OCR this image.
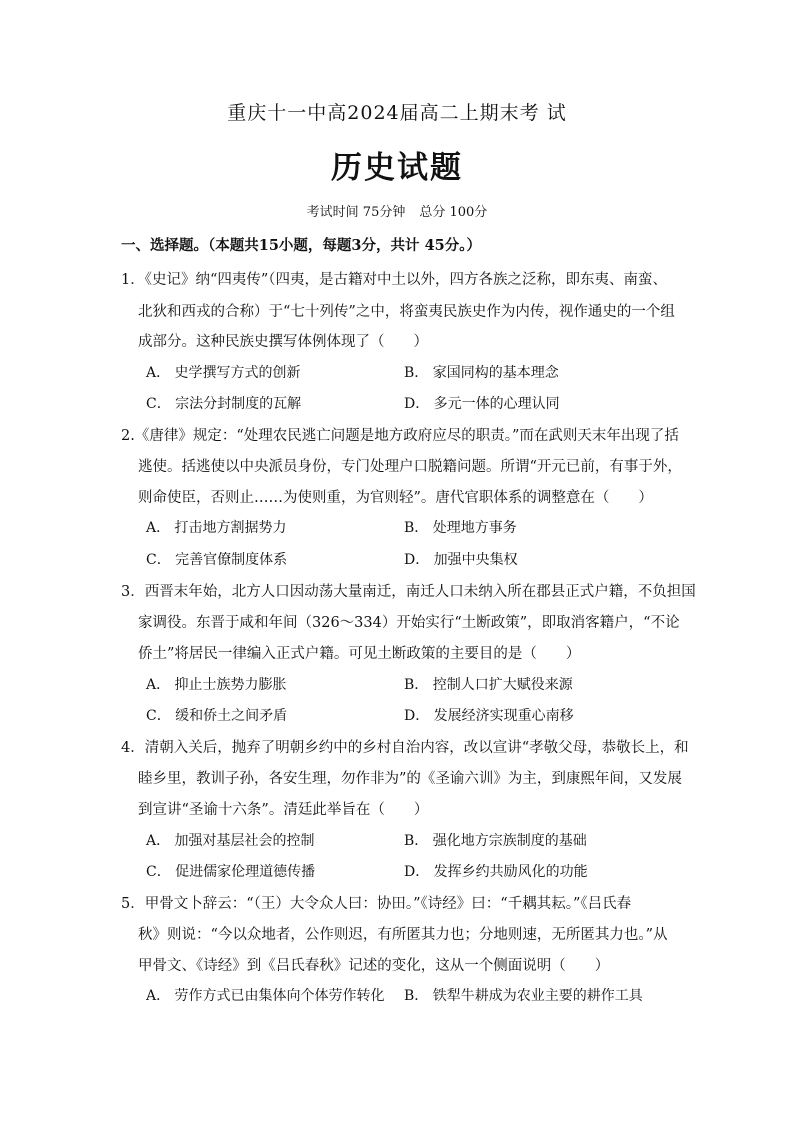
重庆十一中高2024届高二上期末考 试
历史试题
考试时间 75分钟 总分 100分
一、选择题。（本题共15小题，每题3分，共计 45分。）
1．《史记》纳“四夷传”（四夷，是古籍对中土以外，四方各族之泛称，即东夷、南蛮、
北狄和西戎的合称）于“七十列传”之中，将蛮夷民族史作为内传，视作通史的一个组
成部分。这种民族史撰写体例体现了（　　）
A． 史学撰写方式的创新	B． 家国同构的基本理念
C． 宗法分封制度的瓦解	D． 多元一体的心理认同
2.《唐律》规定：“处理农民逃亡问题是地方政府应尽的职责。”而在武则天末年出现了括
逃使。括逃使以中央派员身份，专门处理户口脱籍问题。所谓“开元已前，有事于外，
则命使臣，否则止……为使则重，为官则轻”。唐代官职体系的调整意在（　　）
A． 打击地方割据势力	B． 处理地方事务
C． 完善官僚制度体系	D． 加强中央集权
3．西晋末年始，北方人口因动荡大量南迁，南迁人口未纳入所在郡县正式户籍，不负担国
家调役。东晋于咸和年间（326～334）开始实行“土断政策”，即取消客籍户，“不论
侨土”将居民一律编入正式户籍。可见土断政策的主要目的是（　　）
A． 抑止士族势力膨胀	B． 控制人口扩大赋役来源
C． 缓和侨土之间矛盾	D． 发展经济实现重心南移
4．清朝入关后，抛弃了明朝乡约中的乡村自治内容，改以宣讲“孝敬父母，恭敬长上，和
睦乡里，教训子孙，各安生理，勿作非为”的《圣谕六训》为主，到康熙年间，又发展
到宣讲“圣谕十六条”。清廷此举旨在（　　）
A． 加强对基层社会的控制	B． 强化地方宗族制度的基础
C． 促进儒家伦理道德传播	D． 发挥乡约共励风化的功能
5．甲骨文卜辞云：“（王）大令众人曰：协田。”《诗经》曰：“千耦其耘。”《吕氏春
秋》则说：“今以众地者，公作则迟，有所匿其力也；分地则速，无所匿其力也。”从
甲骨文、《诗经》到《吕氏春秋》记述的变化，这从一个侧面说明（　　）
A． 劳作方式已由集体向个体劳作转化 B． 铁犁牛耕成为农业主要的耕作工具
